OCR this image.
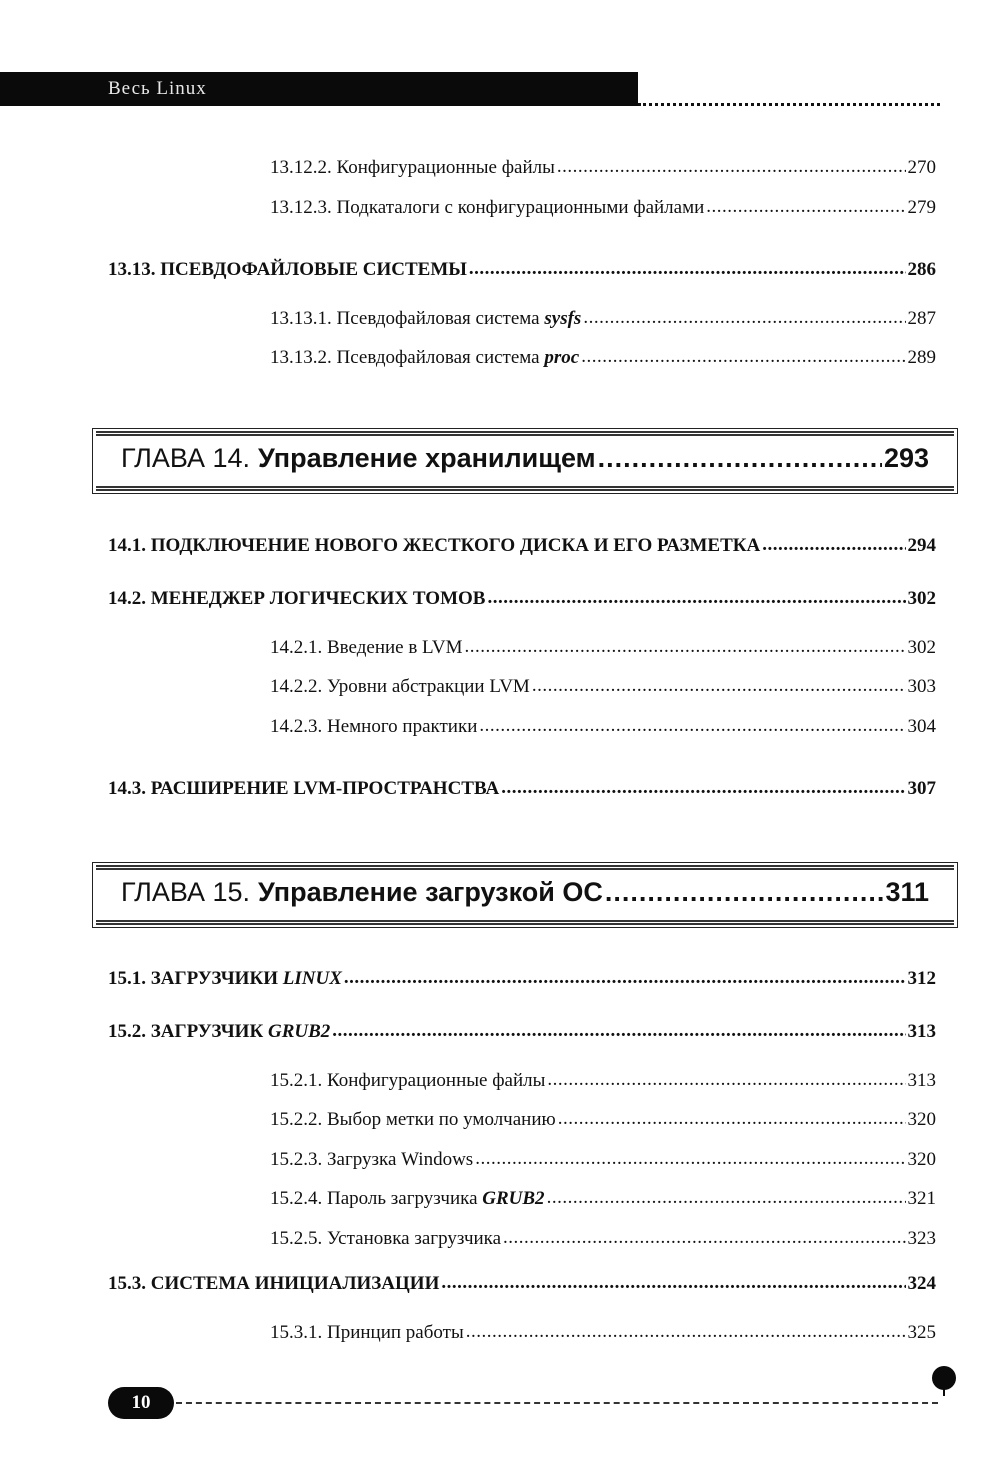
Весь Linux
13.12.2. Конфигурационные файлы .....	270
13.12.3. Подкаталоги с конфигурационными файлами .....	279
13.13. ПСЕВДОФАЙЛОВЫЕ СИСТЕМЫ .....	286
13.13.1. Псевдофайловая система sysfs .....	287
13.13.2. Псевдофайловая система proc .....	289
ГЛАВА 14. Управление хранилищем .....	293
14.1. ПОДКЛЮЧЕНИЕ НОВОГО ЖЕСТКОГО ДИСКА И ЕГО РАЗМЕТКА .....	294
14.2. МЕНЕДЖЕР ЛОГИЧЕСКИХ ТОМОВ .....	302
14.2.1. Введение в LVM .....	302
14.2.2. Уровни абстракции LVM .....	303
14.2.3. Немного практики .....	304
14.3. РАСШИРЕНИЕ LVM-ПРОСТРАНСТВА .....	307
ГЛАВА 15. Управление загрузкой ОС .....	311
15.1. ЗАГРУЗЧИКИ LINUX .....	312
15.2. ЗАГРУЗЧИК GRUB2 .....	313
15.2.1. Конфигурационные файлы .....	313
15.2.2. Выбор метки по умолчанию .....	320
15.2.3. Загрузка Windows .....	320
15.2.4. Пароль загрузчика GRUB2 .....	321
15.2.5. Установка загрузчика .....	323
15.3. СИСТЕМА ИНИЦИАЛИЗАЦИИ .....	324
15.3.1. Принцип работы .....	325
10
